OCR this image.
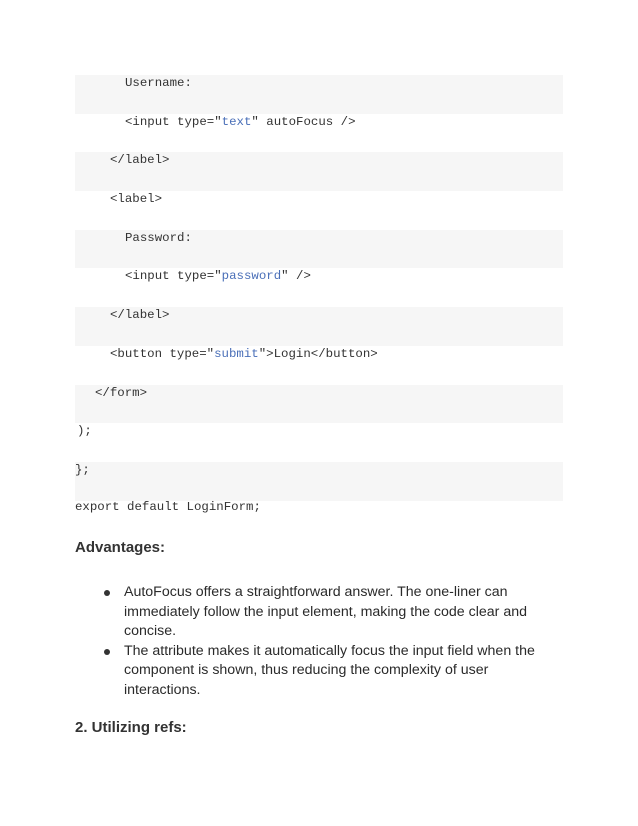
Username:
<input type="text" autoFocus />
</label>
<label>
Password:
<input type="password" />
</label>
<button type="submit">Login</button>
</form>
);
};
export default LoginForm;
Advantages:
AutoFocus offers a straightforward answer. The one-liner can immediately follow the input element, making the code clear and concise.
The attribute makes it automatically focus the input field when the component is shown, thus reducing the complexity of user interactions.
2. Utilizing refs:
